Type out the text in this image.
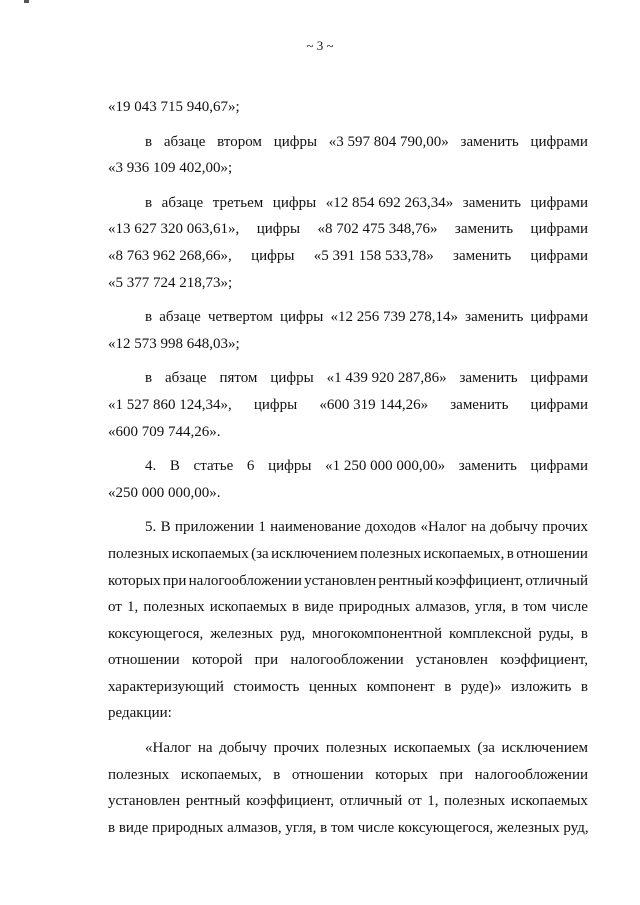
~ 3 ~
«19 043 715 940,67»;
в абзаце втором цифры «3 597 804 790,00» заменить цифрами
«3 936 109 402,00»;
в абзаце третьем цифры «12 854 692 263,34» заменить цифрами
«13 627 320 063,61», цифры «8 702 475 348,76» заменить цифрами
«8 763 962 268,66», цифры «5 391 158 533,78» заменить цифрами
«5 377 724 218,73»;
в абзаце четвертом цифры «12 256 739 278,14» заменить цифрами
«12 573 998 648,03»;
в абзаце пятом цифры «1 439 920 287,86» заменить цифрами
«1 527 860 124,34», цифры «600 319 144,26» заменить цифрами
«600 709 744,26».
4. В статье 6 цифры «1 250 000 000,00» заменить цифрами
«250 000 000,00».
5. В приложении 1 наименование доходов «Налог на добычу прочих
полезных ископаемых (за исключением полезных ископаемых, в отношении
которых при налогообложении установлен рентный коэффициент, отличный
от 1, полезных ископаемых в виде природных алмазов, угля, в том числе
коксующегося, железных руд, многокомпонентной комплексной руды, в
отношении которой при налогообложении установлен коэффициент,
характеризующий стоимость ценных компонент в руде)» изложить в
редакции:
«Налог на добычу прочих полезных ископаемых (за исключением
полезных ископаемых, в отношении которых при налогообложении
установлен рентный коэффициент, отличный от 1, полезных ископаемых
в виде природных алмазов, угля, в том числе коксующегося, железных руд,
